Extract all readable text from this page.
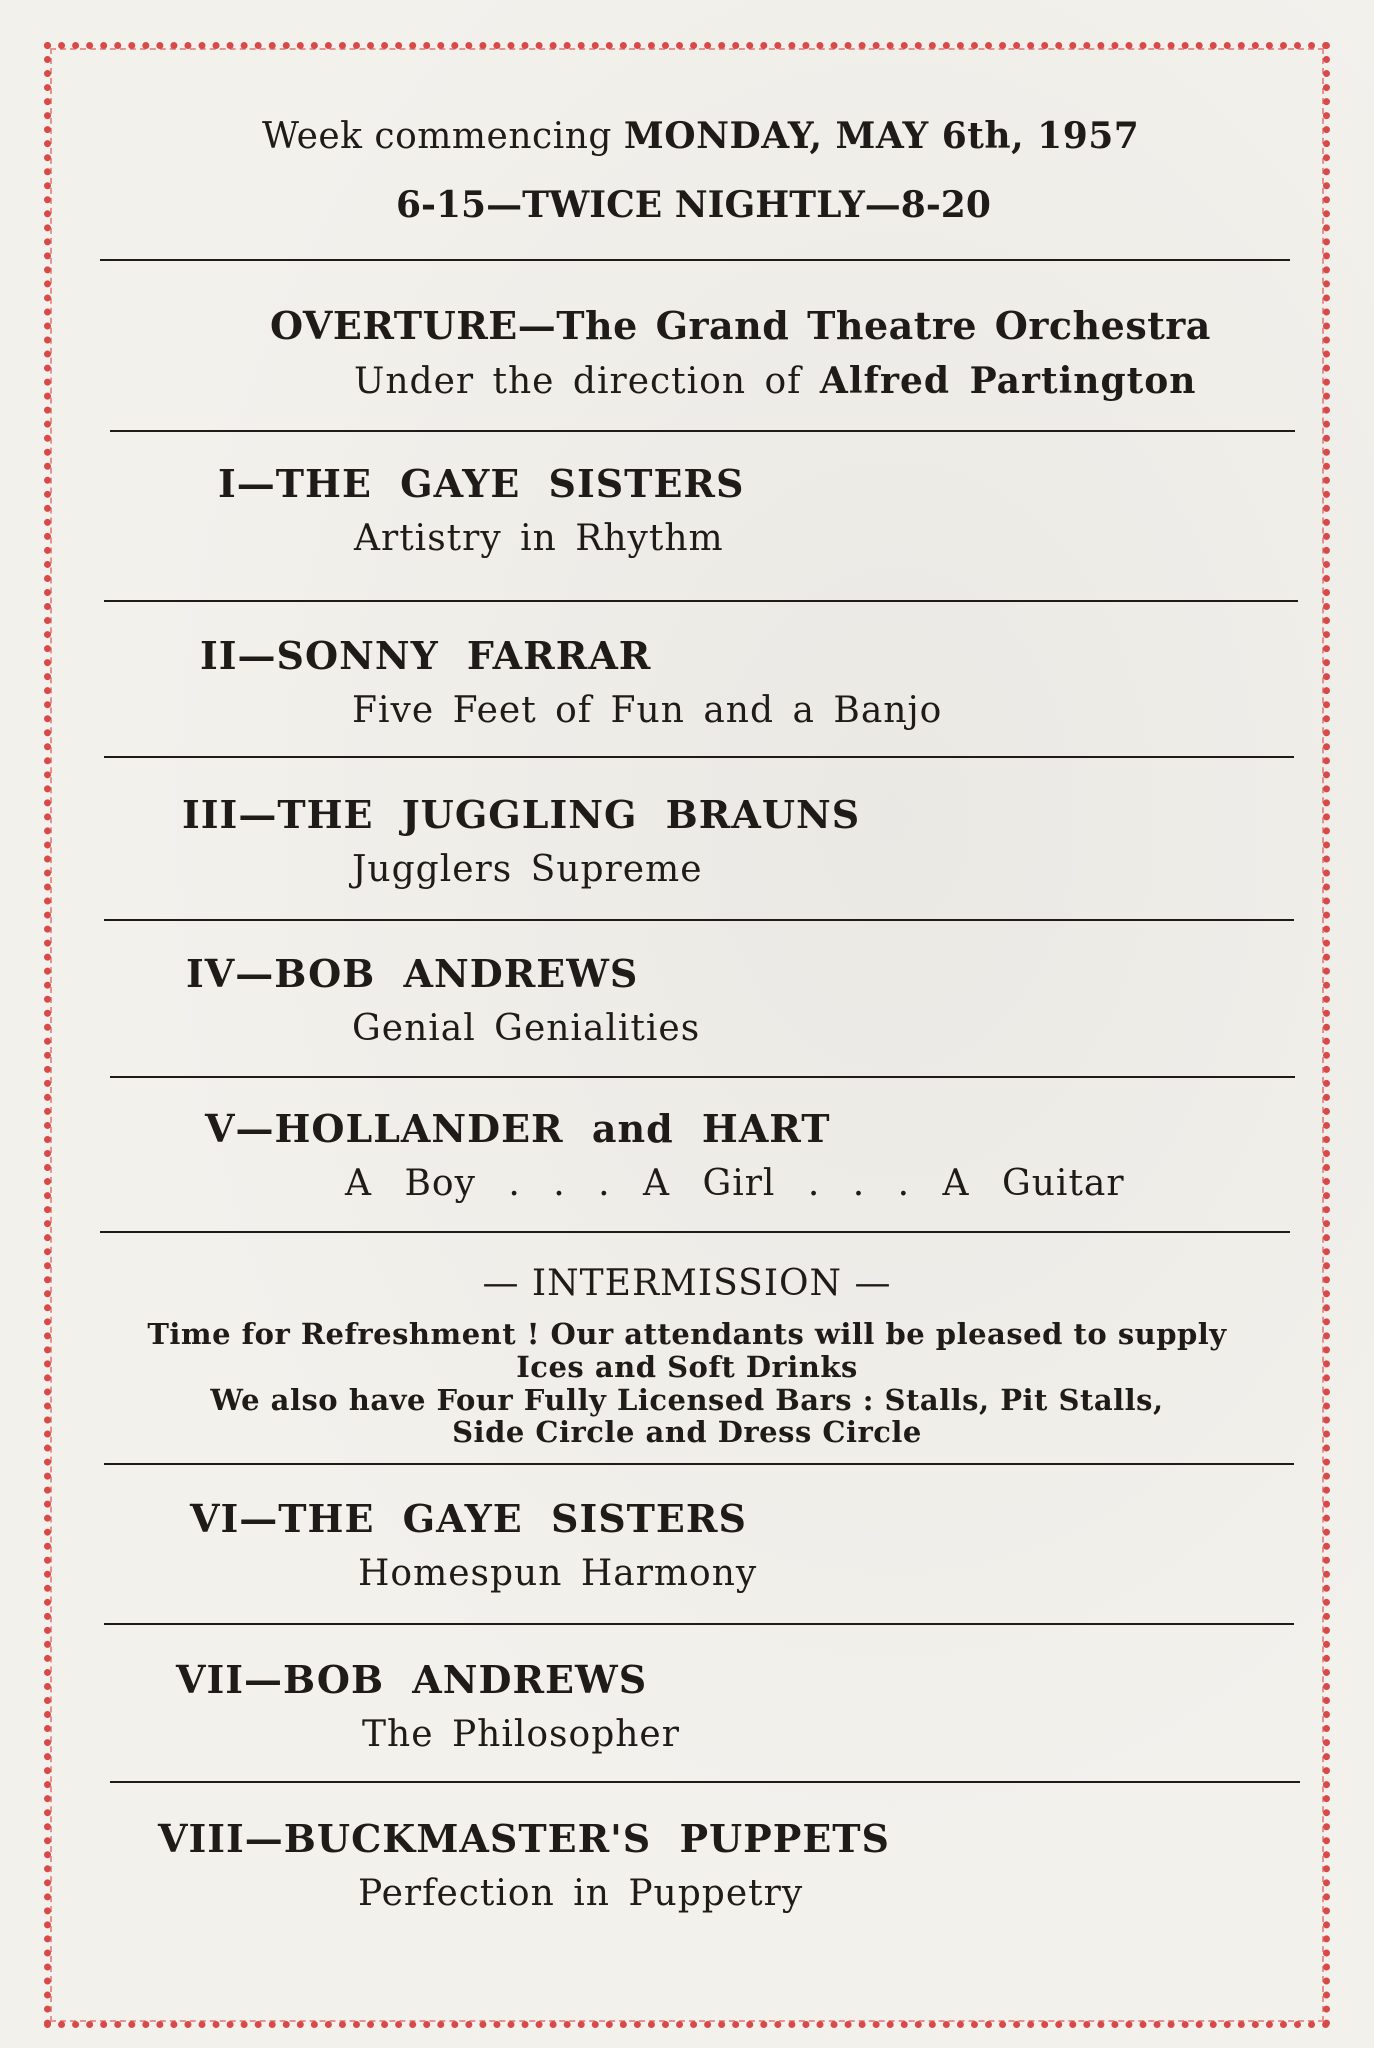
Week commencing MONDAY, MAY 6th, 1957
6-15—TWICE NIGHTLY—8-20
OVERTURE—The Grand Theatre Orchestra
Under the direction of Alfred Partington
I—THE GAYE SISTERS
Artistry in Rhythm
II—SONNY FARRAR
Five Feet of Fun and a Banjo
III—THE JUGGLING BRAUNS
Jugglers Supreme
IV—BOB ANDREWS
Genial Genialities
V—HOLLANDER and HART
A Boy . . . A Girl . . . A Guitar
— INTERMISSION —
Time for Refreshment ! Our attendants will be pleased to supply
Ices and Soft Drinks
We also have Four Fully Licensed Bars : Stalls, Pit Stalls,
Side Circle and Dress Circle
VI—THE GAYE SISTERS
Homespun Harmony
VII—BOB ANDREWS
The Philosopher
VIII—BUCKMASTER'S PUPPETS
Perfection in Puppetry
